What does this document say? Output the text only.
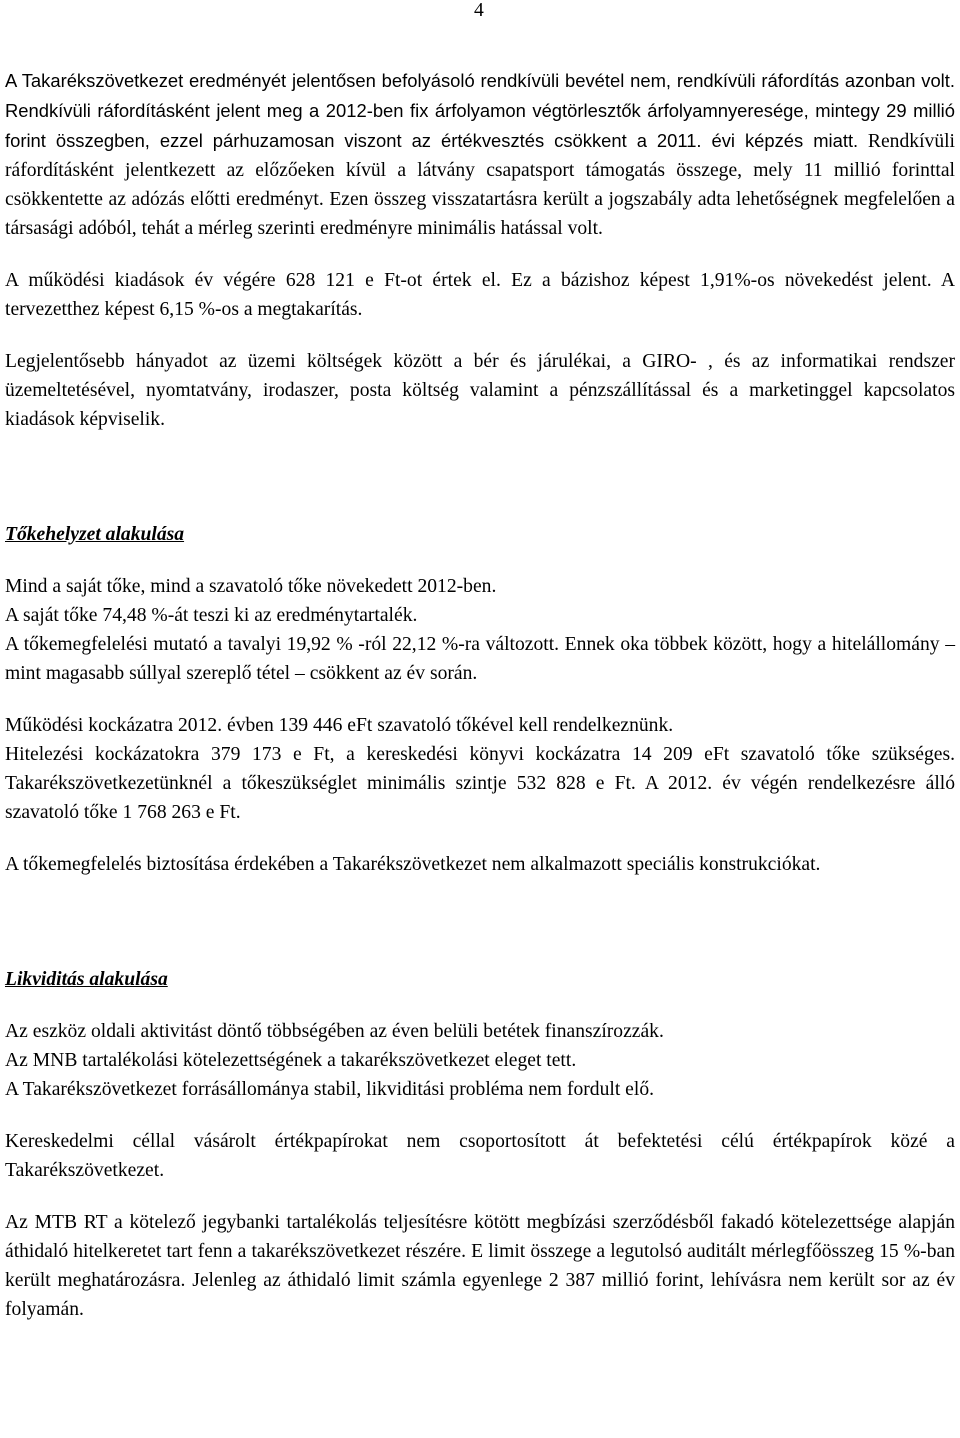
4

A Takarékszövetkezet eredményét jelentősen befolyásoló rendkívüli bevétel nem, rendkívüli ráfordítás azonban volt. Rendkívüli ráfordításként jelent meg a 2012-ben fix árfolyamon végtörlesztők árfolyamnyeresége, mintegy 29 millió forint összegben, ezzel párhuzamosan viszont az értékvesztés csökkent a 2011. évi képzés miatt. Rendkívüli ráfordításként jelentkezett az előzőeken kívül a látvány csapatsport támogatás összege, mely 11 millió forinttal csökkentette az adózás előtti eredményt. Ezen összeg visszatartásra került a jogszabály adta lehetőségnek megfelelően a társasági adóból, tehát a mérleg szerinti eredményre minimális hatással volt.

A működési kiadások év végére 628 121 e Ft-ot értek el. Ez a bázishoz képest 1,91%-os növekedést jelent. A tervezetthez képest 6,15 %-os a megtakarítás.

Legjelentősebb hányadot az üzemi költségek között a bér és járulékai, a GIRO- , és az informatikai rendszer üzemeltetésével, nyomtatvány, irodaszer, posta költség valamint a pénzszállítással és a marketinggel kapcsolatos kiadások képviselik.

Tőkehelyzet alakulása

Mind a saját tőke, mind a szavatoló tőke növekedett 2012-ben.

A saját tőke 74,48 %-át teszi ki az eredménytartalék.

A tőkemegfelelési mutató a tavalyi 19,92 % -ról 22,12 %-ra változott. Ennek oka többek között, hogy a hitelállomány – mint magasabb súllyal szereplő tétel – csökkent az év során.

Működési kockázatra 2012. évben 139 446 eFt szavatoló tőkével kell rendelkeznünk.

Hitelezési kockázatokra 379 173 e Ft, a kereskedési könyvi kockázatra 14 209 eFt szavatoló tőke szükséges. Takarékszövetkezetünknél a tőkeszükséglet minimális szintje 532 828 e Ft. A 2012. év végén rendelkezésre álló szavatoló tőke 1 768 263 e Ft.

A tőkemegfelelés biztosítása érdekében a Takarékszövetkezet nem alkalmazott speciális konstrukciókat.

Likviditás alakulása

Az eszköz oldali aktivitást döntő többségében az éven belüli betétek finanszírozzák.

Az MNB tartalékolási kötelezettségének a takarékszövetkezet eleget tett.

A Takarékszövetkezet forrásállománya stabil, likviditási probléma nem fordult elő.

Kereskedelmi céllal vásárolt értékpapírokat nem csoportosított át befektetési célú értékpapírok közé a Takarékszövetkezet.

Az MTB RT a kötelező jegybanki tartalékolás teljesítésre kötött megbízási szerződésből fakadó kötelezettsége alapján áthidaló hitelkeretet tart fenn a takarékszövetkezet részére. E limit összege a legutolsó auditált mérlegfőösszeg 15 %-ban került meghatározásra. Jelenleg az áthidaló limit számla egyenlege 2 387 millió forint, lehívásra nem került sor az év folyamán.
